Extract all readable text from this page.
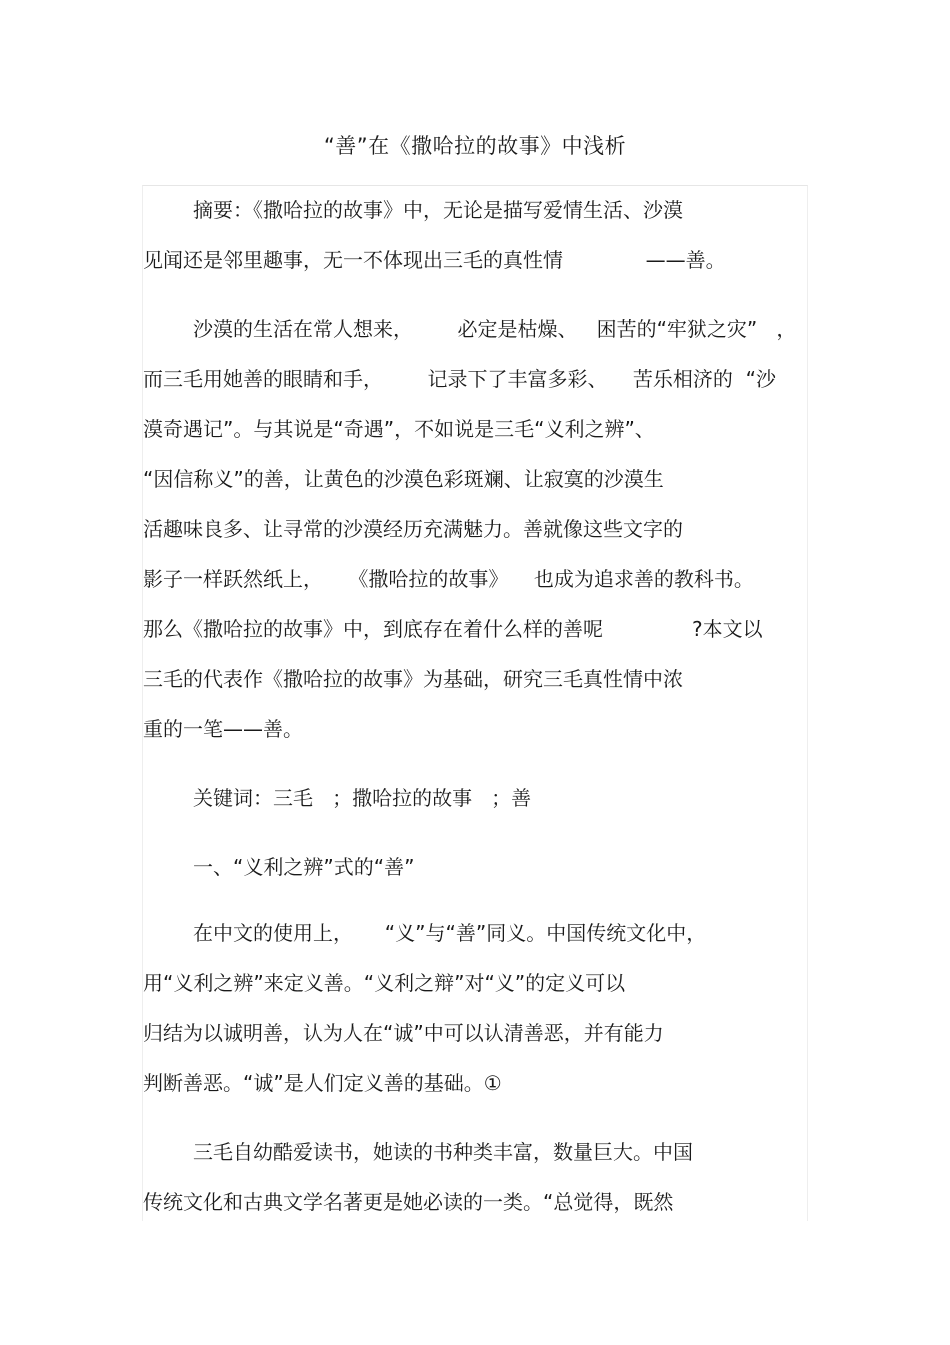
“善”在《撒哈拉的故事》中浅析
摘要：《撒哈拉的故事》中，无论是描写爱情生活、沙漠
见闻还是邻里趣事，无一不体现出三毛的真性情             ——善。
沙漠的生活在常人想来，       必定是枯燥、   困苦的“牢狱之灾”   ，
而三毛用她善的眼睛和手，       记录下了丰富多彩、    苦乐相济的  “沙
漠奇遇记”。与其说是“奇遇”，不如说是三毛“义利之辨”、
“因信称义”的善，让黄色的沙漠色彩斑斓、让寂寞的沙漠生
活趣味良多、让寻常的沙漠经历充满魅力。善就像这些文字的
影子一样跃然纸上，    《撒哈拉的故事》    也成为追求善的教科书。
那么《撒哈拉的故事》中，到底存在着什么样的善呢              ?本文以
三毛的代表作《撒哈拉的故事》为基础，研究三毛真性情中浓
重的一笔——善。
关键词：三毛   ；撒哈拉的故事   ；善
一、“义利之辨”式的“善”
在中文的使用上，     “义”与“善”同义。中国传统文化中，
用“义利之辨”来定义善。“义利之辩”对“义”的定义可以
归结为以诚明善，认为人在“诚”中可以认清善恶，并有能力
判断善恶。“诚”是人们定义善的基础。①
三毛自幼酷爱读书，她读的书种类丰富，数量巨大。中国
传统文化和古典文学名著更是她必读的一类。“总觉得，既然
